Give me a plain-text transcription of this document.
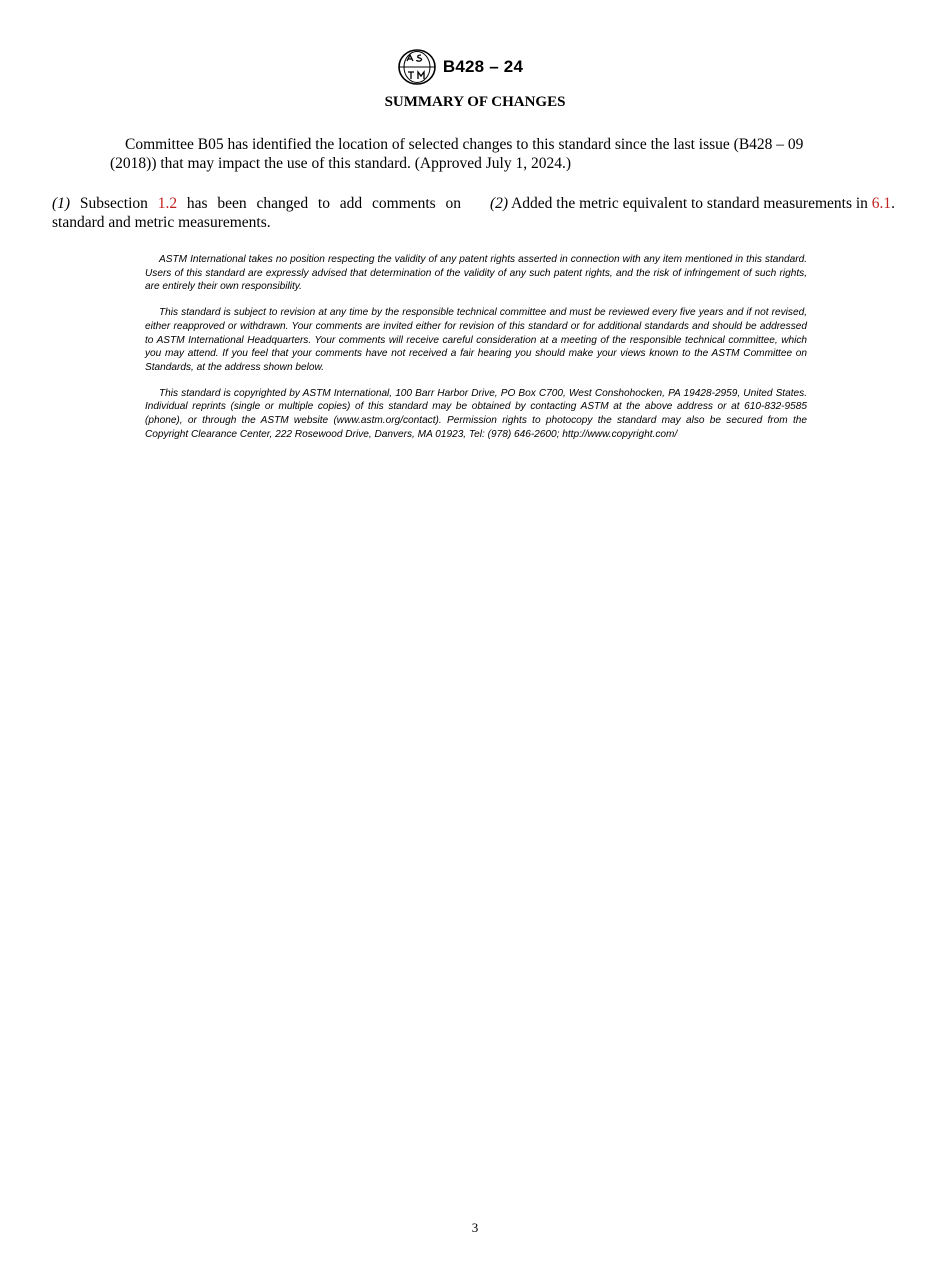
B428 – 24
SUMMARY OF CHANGES

Committee B05 has identified the location of selected changes to this standard since the last issue (B428 – 09 (2018)) that may impact the use of this standard. (Approved July 1, 2024.)

(1) Subsection 1.2 has been changed to add comments on standard and metric measurements.
(2) Added the metric equivalent to standard measurements in 6.1.

ASTM International takes no position respecting the validity of any patent rights asserted in connection with any item mentioned in this standard. Users of this standard are expressly advised that determination of the validity of any such patent rights, and the risk of infringement of such rights, are entirely their own responsibility.

This standard is subject to revision at any time by the responsible technical committee and must be reviewed every five years and if not revised, either reapproved or withdrawn. Your comments are invited either for revision of this standard or for additional standards and should be addressed to ASTM International Headquarters. Your comments will receive careful consideration at a meeting of the responsible technical committee, which you may attend. If you feel that your comments have not received a fair hearing you should make your views known to the ASTM Committee on Standards, at the address shown below.

This standard is copyrighted by ASTM International, 100 Barr Harbor Drive, PO Box C700, West Conshohocken, PA 19428-2959, United States. Individual reprints (single or multiple copies) of this standard may be obtained by contacting ASTM at the above address or at 610-832-9585 (phone), or through the ASTM website (www.astm.org/contact). Permission rights to photocopy the standard may also be secured from the Copyright Clearance Center, 222 Rosewood Drive, Danvers, MA 01923, Tel: (978) 646-2600; http://www.copyright.com/

3
